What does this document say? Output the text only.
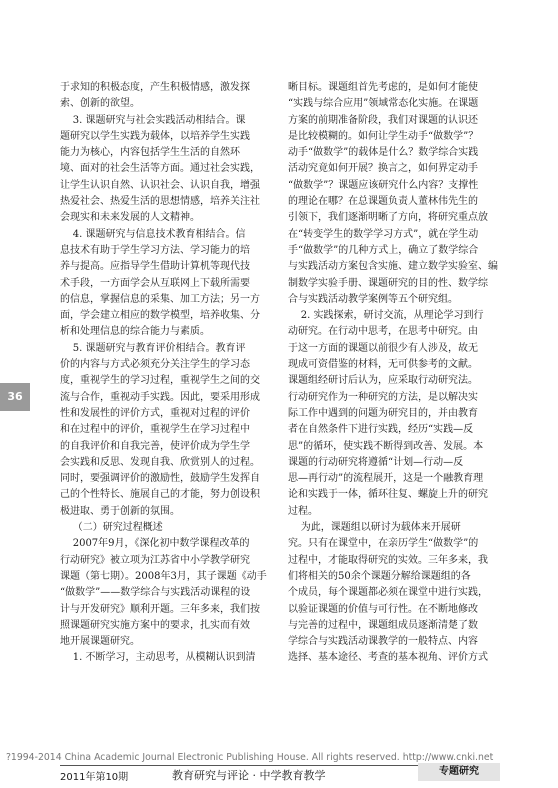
于求知的积极态度，产生积极情感，激发探

索、创新的欲望。

3. 课题研究与社会实践活动相结合。课

题研究以学生实践为载体，以培养学生实践

能力为核心，内容包括学生生活的自然环

境、面对的社会生活等方面。通过社会实践，

让学生认识自然、认识社会、认识自我，增强

热爱社会、热爱生活的思想情感，培养关注社

会现实和未来发展的人文精神。

4. 课题研究与信息技术教育相结合。信

息技术有助于学生学习方法、学习能力的培

养与提高。应指导学生借助计算机等现代技

术手段，一方面学会从互联网上下载所需要

的信息，掌握信息的采集、加工方法；另一方

面，学会建立相应的数学模型，培养收集、分

析和处理信息的综合能力与素质。

5. 课题研究与教育评价相结合。教育评

价的内容与方式必须充分关注学生的学习态

度，重视学生的学习过程，重视学生之间的交

流与合作，重视动手实践。因此，要采用形成

性和发展性的评价方式，重视对过程的评价

和在过程中的评价，重视学生在学习过程中

的自我评价和自我完善，使评价成为学生学

会实践和反思、发现自我、欣赏别人的过程。

同时，要强调评价的激励性，鼓励学生发挥自

己的个性特长、施展自己的才能，努力创设积

极进取、勇于创新的氛围。

（二）研究过程概述

2007年9月，《深化初中数学课程改革的

行动研究》被立项为江苏省中小学教学研究

课题（第七期）。2008年3月，其子课题《动手

“做数学”——数学综合与实践活动课程的设

计与开发研究》顺利开题。三年多来，我们按

照课题研究实施方案中的要求，扎实而有效

地开展课题研究。

1. 不断学习，主动思考，从模糊认识到清

晰目标。课题组首先考虑的，是如何才能使

“实践与综合应用”领域常态化实施。在课题

方案的前期准备阶段，我们对课题的认识还

是比较模糊的。如何让学生动手“做数学”？

动手“做数学”的载体是什么？数学综合实践

活动究竟如何开展？换言之，如何界定动手

“做数学”？课题应该研究什么内容？支撑性

的理论在哪？在总课题负责人董林伟先生的

引领下，我们逐渐明晰了方向，将研究重点放

在“转变学生的数学学习方式”，就在学生动

手“做数学”的几种方式上，确立了数学综合

与实践活动方案包含实施、建立数学实验室、编

制数学实验手册、课题研究的目的性、数学综

合与实践活动教学案例等五个研究组。

2. 实践探索，研讨交流，从理论学习到行

动研究。在行动中思考，在思考中研究。由

于这一方面的课题以前很少有人涉及，故无

现成可资借鉴的材料，无可供参考的文献。

课题组经研讨后认为，应采取行动研究法。

行动研究作为一种研究的方法，是以解决实

际工作中遇到的问题为研究目的，并由教育

者在自然条件下进行实践，经历“实践—反

思”的循环，使实践不断得到改善、发展。本

课题的行动研究将遵循“计划—行动—反

思—再行动”的流程展开，这是一个融教育理

论和实践于一体，循环往复、螺旋上升的研究

过程。

为此，课题组以研讨为载体来开展研

究。只有在课堂中，在亲历学生“做数学”的

过程中，才能取得研究的实效。三年多来，我

们将相关的50余个课题分解给课题组的各

个成员，每个课题都必须在课堂中进行实践，

以验证课题的价值与可行性。在不断地修改

与完善的过程中，课题组成员逐渐清楚了数

学综合与实践活动课教学的一般特点、内容

选择、基本途径、考查的基本视角、评价方式

36
?1994-2014 China Academic Journal Electronic Publishing House. All rights reserved. http://www.cnki.net
2011年第10期	教育研究与评论 · 中学教育教学	专题研究
